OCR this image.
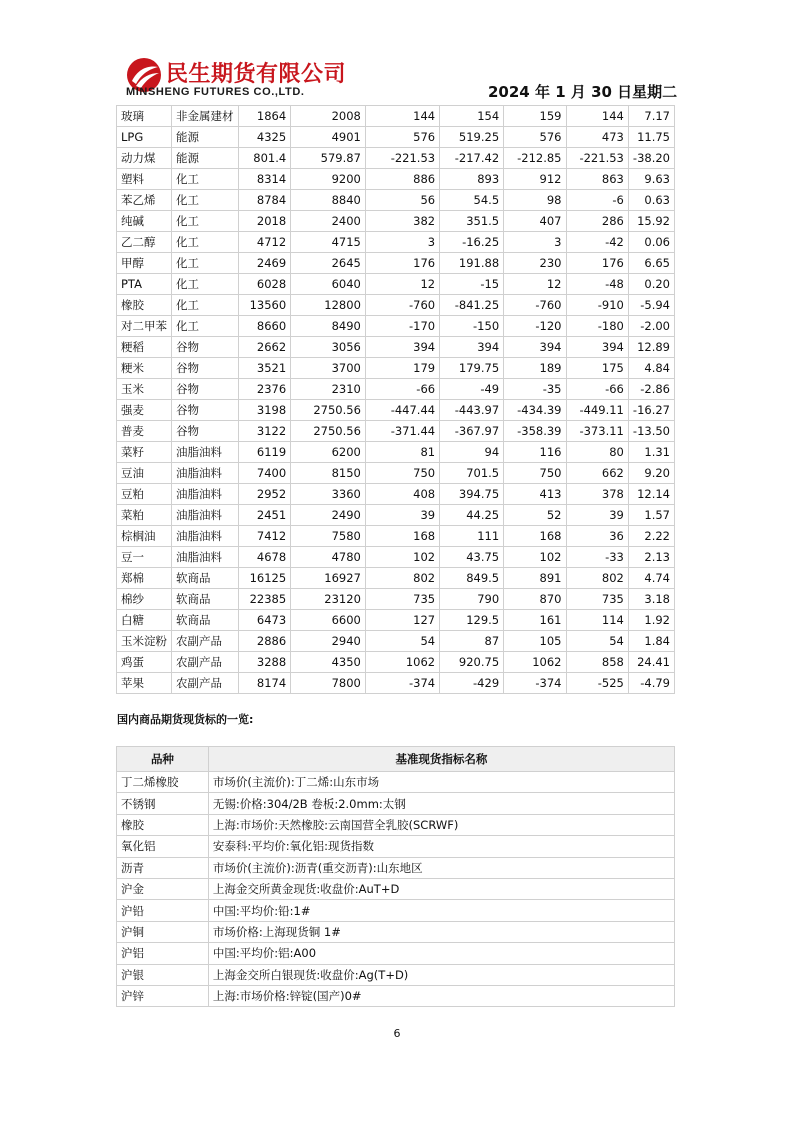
民生期货有限公司
MINSHENG FUTURES CO.,LTD.	2024 年 1 月 30 日星期二
玻璃	非金属建材	1864	2008	144	154	159	144	7.17
LPG	能源	4325	4901	576	519.25	576	473	11.75
动力煤	能源	801.4	579.87	-221.53	-217.42	-212.85	-221.53	-38.20
塑料	化工	8314	9200	886	893	912	863	9.63
苯乙烯	化工	8784	8840	56	54.5	98	-6	0.63
纯碱	化工	2018	2400	382	351.5	407	286	15.92
乙二醇	化工	4712	4715	3	-16.25	3	-42	0.06
甲醇	化工	2469	2645	176	191.88	230	176	6.65
PTA	化工	6028	6040	12	-15	12	-48	0.20
橡胶	化工	13560	12800	-760	-841.25	-760	-910	-5.94
对二甲苯	化工	8660	8490	-170	-150	-120	-180	-2.00
粳稻	谷物	2662	3056	394	394	394	394	12.89
粳米	谷物	3521	3700	179	179.75	189	175	4.84
玉米	谷物	2376	2310	-66	-49	-35	-66	-2.86
强麦	谷物	3198	2750.56	-447.44	-443.97	-434.39	-449.11	-16.27
普麦	谷物	3122	2750.56	-371.44	-367.97	-358.39	-373.11	-13.50
菜籽	油脂油料	6119	6200	81	94	116	80	1.31
豆油	油脂油料	7400	8150	750	701.5	750	662	9.20
豆粕	油脂油料	2952	3360	408	394.75	413	378	12.14
菜粕	油脂油料	2451	2490	39	44.25	52	39	1.57
棕榈油	油脂油料	7412	7580	168	111	168	36	2.22
豆一	油脂油料	4678	4780	102	43.75	102	-33	2.13
郑棉	软商品	16125	16927	802	849.5	891	802	4.74
棉纱	软商品	22385	23120	735	790	870	735	3.18
白糖	软商品	6473	6600	127	129.5	161	114	1.92
玉米淀粉	农副产品	2886	2940	54	87	105	54	1.84
鸡蛋	农副产品	3288	4350	1062	920.75	1062	858	24.41
苹果	农副产品	8174	7800	-374	-429	-374	-525	-4.79
国内商品期货现货标的一览:
品种	基准现货指标名称
丁二烯橡胶	市场价(主流价):丁二烯:山东市场
不锈钢	无锡:价格:304/2B 卷板:2.0mm:太钢
橡胶	上海:市场价:天然橡胶:云南国营全乳胶(SCRWF)
氧化铝	安泰科:平均价:氧化铝:现货指数
沥青	市场价(主流价):沥青(重交沥青):山东地区
沪金	上海金交所黄金现货:收盘价:AuT+D
沪铅	中国:平均价:铅:1#
沪铜	市场价格:上海现货铜 1#
沪铝	中国:平均价:铝:A00
沪银	上海金交所白银现货:收盘价:Ag(T+D)
沪锌	上海:市场价格:锌锭(国产)0#
6
